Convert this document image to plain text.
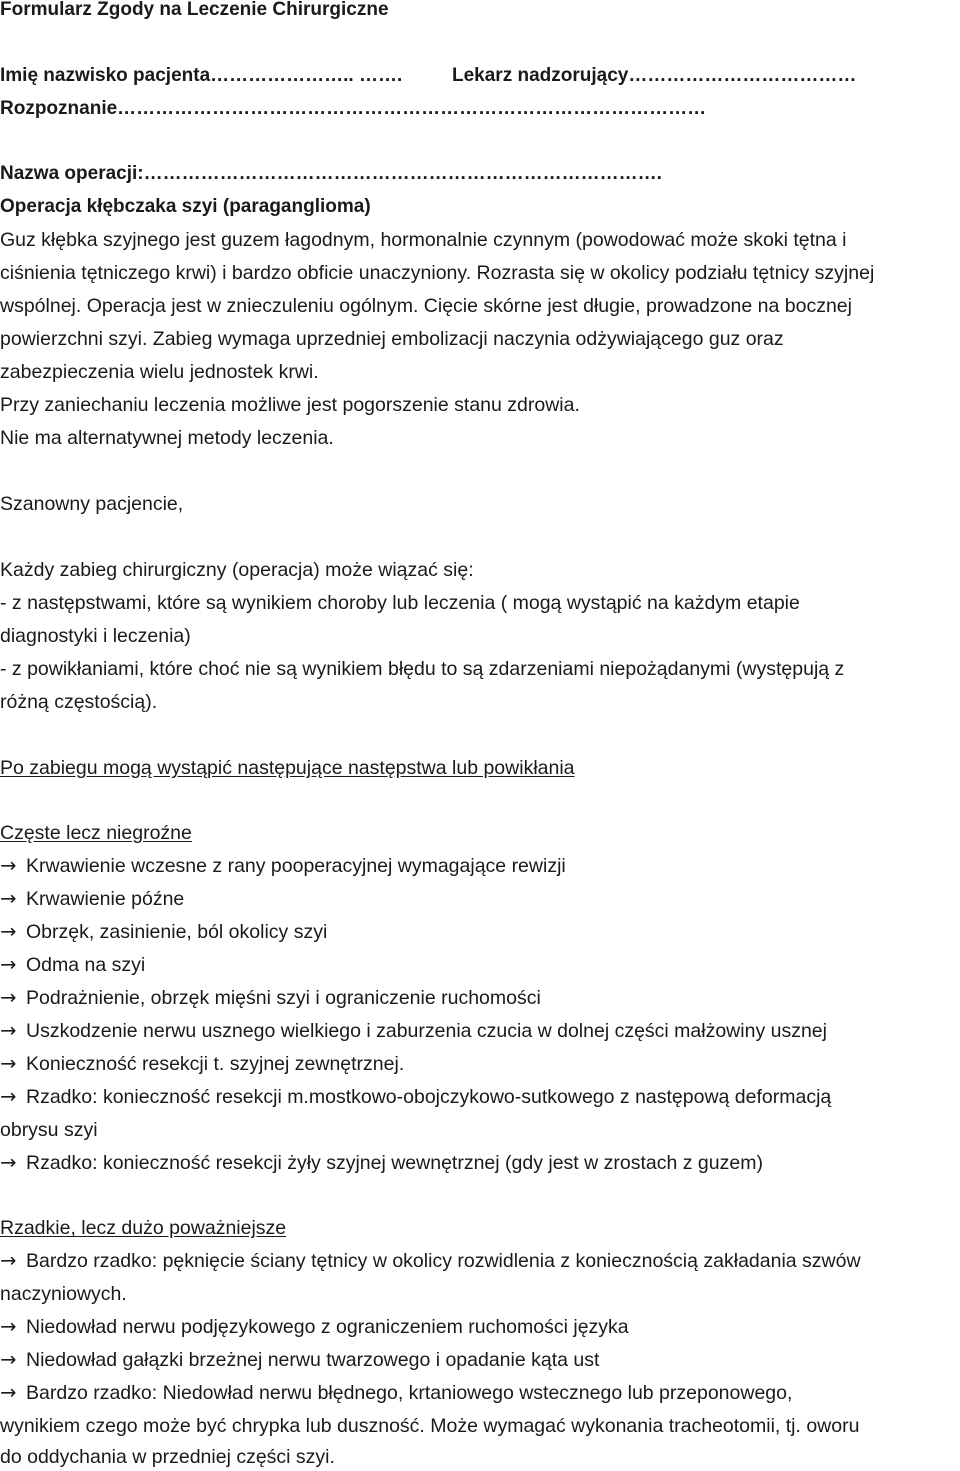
Formularz Zgody na Leczenie Chirurgiczne
Imię nazwisko pacjenta………………….. …….	Lekarz nadzorujący………………………………
Rozpoznanie…………………………………………………………………………………
Nazwa operacji:……………………………………………………………………….
Operacja kłębczaka szyi (paraganglioma)
Guz kłębka szyjnego jest guzem łagodnym, hormonalnie czynnym (powodować może skoki tętna i
ciśnienia tętniczego krwi) i bardzo obficie unaczyniony. Rozrasta się w okolicy podziału tętnicy szyjnej
wspólnej. Operacja jest w znieczuleniu ogólnym. Cięcie skórne jest długie, prowadzone na bocznej
powierzchni szyi. Zabieg wymaga uprzedniej embolizacji naczynia odżywiającego guz oraz
zabezpieczenia wielu jednostek krwi.
Przy zaniechaniu leczenia możliwe jest pogorszenie stanu zdrowia.
Nie ma alternatywnej metody leczenia.
Szanowny pacjencie,
Każdy zabieg chirurgiczny (operacja) może wiązać się:
- z następstwami, które są wynikiem choroby lub leczenia ( mogą wystąpić na każdym etapie
diagnostyki i leczenia)
- z powikłaniami, które choć nie są wynikiem błędu to są zdarzeniami niepożądanymi (występują z
różną częstością).
Po zabiegu mogą wystąpić następujące następstwa lub powikłania
Częste lecz niegroźne
→ Krwawienie wczesne z rany pooperacyjnej wymagające rewizji
→ Krwawienie późne
→ Obrzęk, zasinienie, ból okolicy szyi
→ Odma na szyi
→ Podrażnienie, obrzęk mięśni szyi i ograniczenie ruchomości
→ Uszkodzenie nerwu usznego wielkiego i zaburzenia czucia w dolnej części małżowiny usznej
→ Konieczność resekcji t. szyjnej zewnętrznej.
→ Rzadko: konieczność resekcji m.mostkowo-obojczykowo-sutkowego z następową deformacją
obrysu szyi
→ Rzadko: konieczność resekcji żyły szyjnej wewnętrznej (gdy jest w zrostach z guzem)
Rzadkie, lecz dużo poważniejsze
→ Bardzo rzadko: pęknięcie ściany tętnicy w okolicy rozwidlenia z koniecznością zakładania szwów
naczyniowych.
→ Niedowład nerwu podjęzykowego z ograniczeniem ruchomości języka
→ Niedowład gałązki brzeżnej nerwu twarzowego i opadanie kąta ust
→ Bardzo rzadko: Niedowład nerwu błędnego, krtaniowego wstecznego lub przeponowego,
wynikiem czego może być chrypka lub duszność. Może wymagać wykonania tracheotomii, tj. oworu
do oddychania w przedniej części szyi.
